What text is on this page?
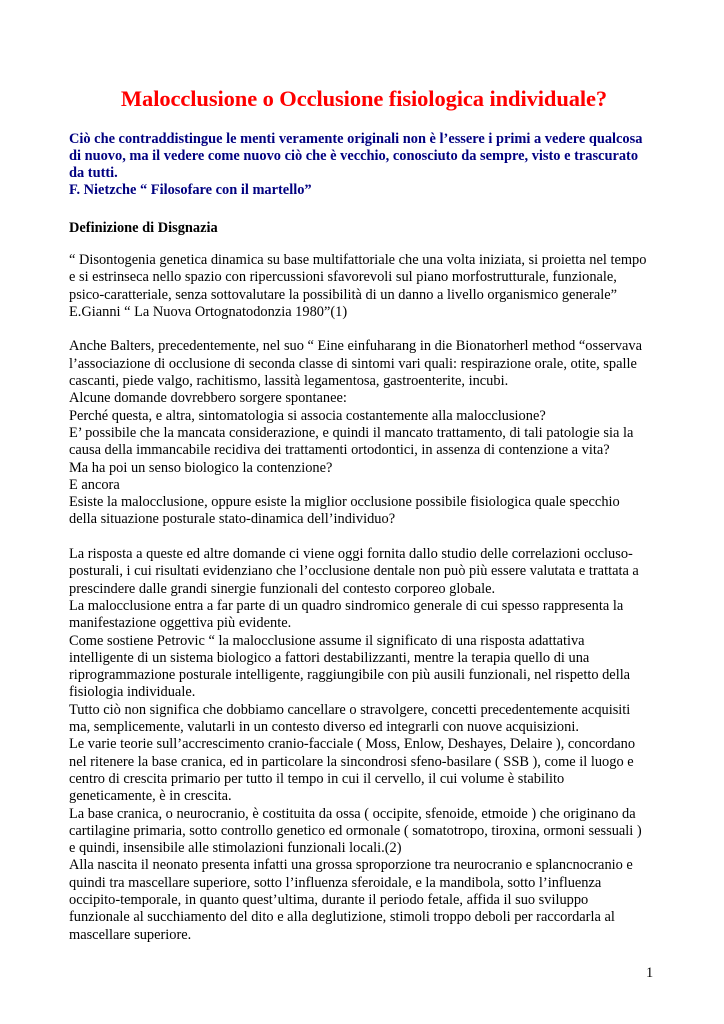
Malocclusione o Occlusione fisiologica individuale?

Ciò che contraddistingue le menti veramente originali non è l’essere i primi a vedere qualcosa

di nuovo, ma il vedere come nuovo ciò che è vecchio, conosciuto da sempre, visto e trascurato

da tutti.

F. Nietzche “ Filosofare con il martello”

Definizione di Disgnazia
“ Disontogenia genetica dinamica su base multifattoriale che una volta iniziata, si proietta nel tempo
e si estrinseca nello spazio con ripercussioni sfavorevoli sul piano morfostrutturale, funzionale,
psico-caratteriale, senza sottovalutare la possibilità di un danno a livello organismico generale”
E.Gianni “ La Nuova Ortognatodonzia 1980”(1)
Anche Balters, precedentemente, nel suo “ Eine einfuharang in die Bionatorherl method “osservava
l’associazione di occlusione di seconda classe di sintomi vari quali: respirazione orale, otite, spalle
cascanti, piede valgo, rachitismo, lassità legamentosa, gastroenterite, incubi.
Alcune domande dovrebbero sorgere spontanee:
Perché questa, e altra, sintomatologia si associa costantemente alla malocclusione?
E’ possibile che la mancata considerazione, e quindi il mancato trattamento, di tali patologie sia la
causa della immancabile recidiva dei trattamenti ortodontici, in assenza di contenzione a vita?
Ma ha poi un senso biologico la contenzione?
E ancora
Esiste la malocclusione, oppure esiste la miglior occlusione possibile fisiologica quale specchio
della situazione posturale stato-dinamica dell’individuo?
La risposta a queste ed altre domande ci viene oggi fornita dallo studio delle correlazioni occluso-
posturali, i cui risultati evidenziano che l’occlusione dentale non può più essere valutata e trattata a
prescindere dalle grandi sinergie funzionali del contesto corporeo globale.
La malocclusione entra a far parte di un quadro sindromico generale di cui spesso rappresenta la
manifestazione oggettiva più evidente.
Come sostiene Petrovic “ la malocclusione assume il significato di una risposta adattativa
intelligente di un sistema biologico a fattori destabilizzanti, mentre la terapia quello di una
riprogrammazione posturale intelligente, raggiungibile con più ausili funzionali, nel rispetto della
fisiologia individuale.
Tutto ciò non significa che dobbiamo cancellare o stravolgere, concetti precedentemente acquisiti
ma, semplicemente, valutarli in un contesto diverso ed integrarli con nuove acquisizioni.
Le varie teorie sull’accrescimento cranio-facciale ( Moss, Enlow, Deshayes, Delaire ), concordano
nel ritenere la base cranica, ed in particolare la sincondrosi sfeno-basilare ( SSB ), come il luogo e
centro di crescita primario per tutto il tempo in cui il cervello, il cui volume è stabilito
geneticamente, è in crescita.
La base cranica, o neurocranio, è costituita da ossa ( occipite, sfenoide, etmoide ) che originano da
cartilagine primaria, sotto controllo genetico ed ormonale ( somatotropo, tiroxina, ormoni sessuali )
e quindi, insensibile alle stimolazioni funzionali locali.(2)
Alla nascita il neonato presenta infatti una grossa sproporzione tra neurocranio e splancnocranio e
quindi tra mascellare superiore, sotto l’influenza sferoidale, e la mandibola, sotto l’influenza
occipito-temporale, in quanto quest’ultima, durante il periodo fetale, affida il suo sviluppo
funzionale al succhiamento del dito e alla deglutizione, stimoli troppo deboli per raccordarla al
mascellare superiore.
1
